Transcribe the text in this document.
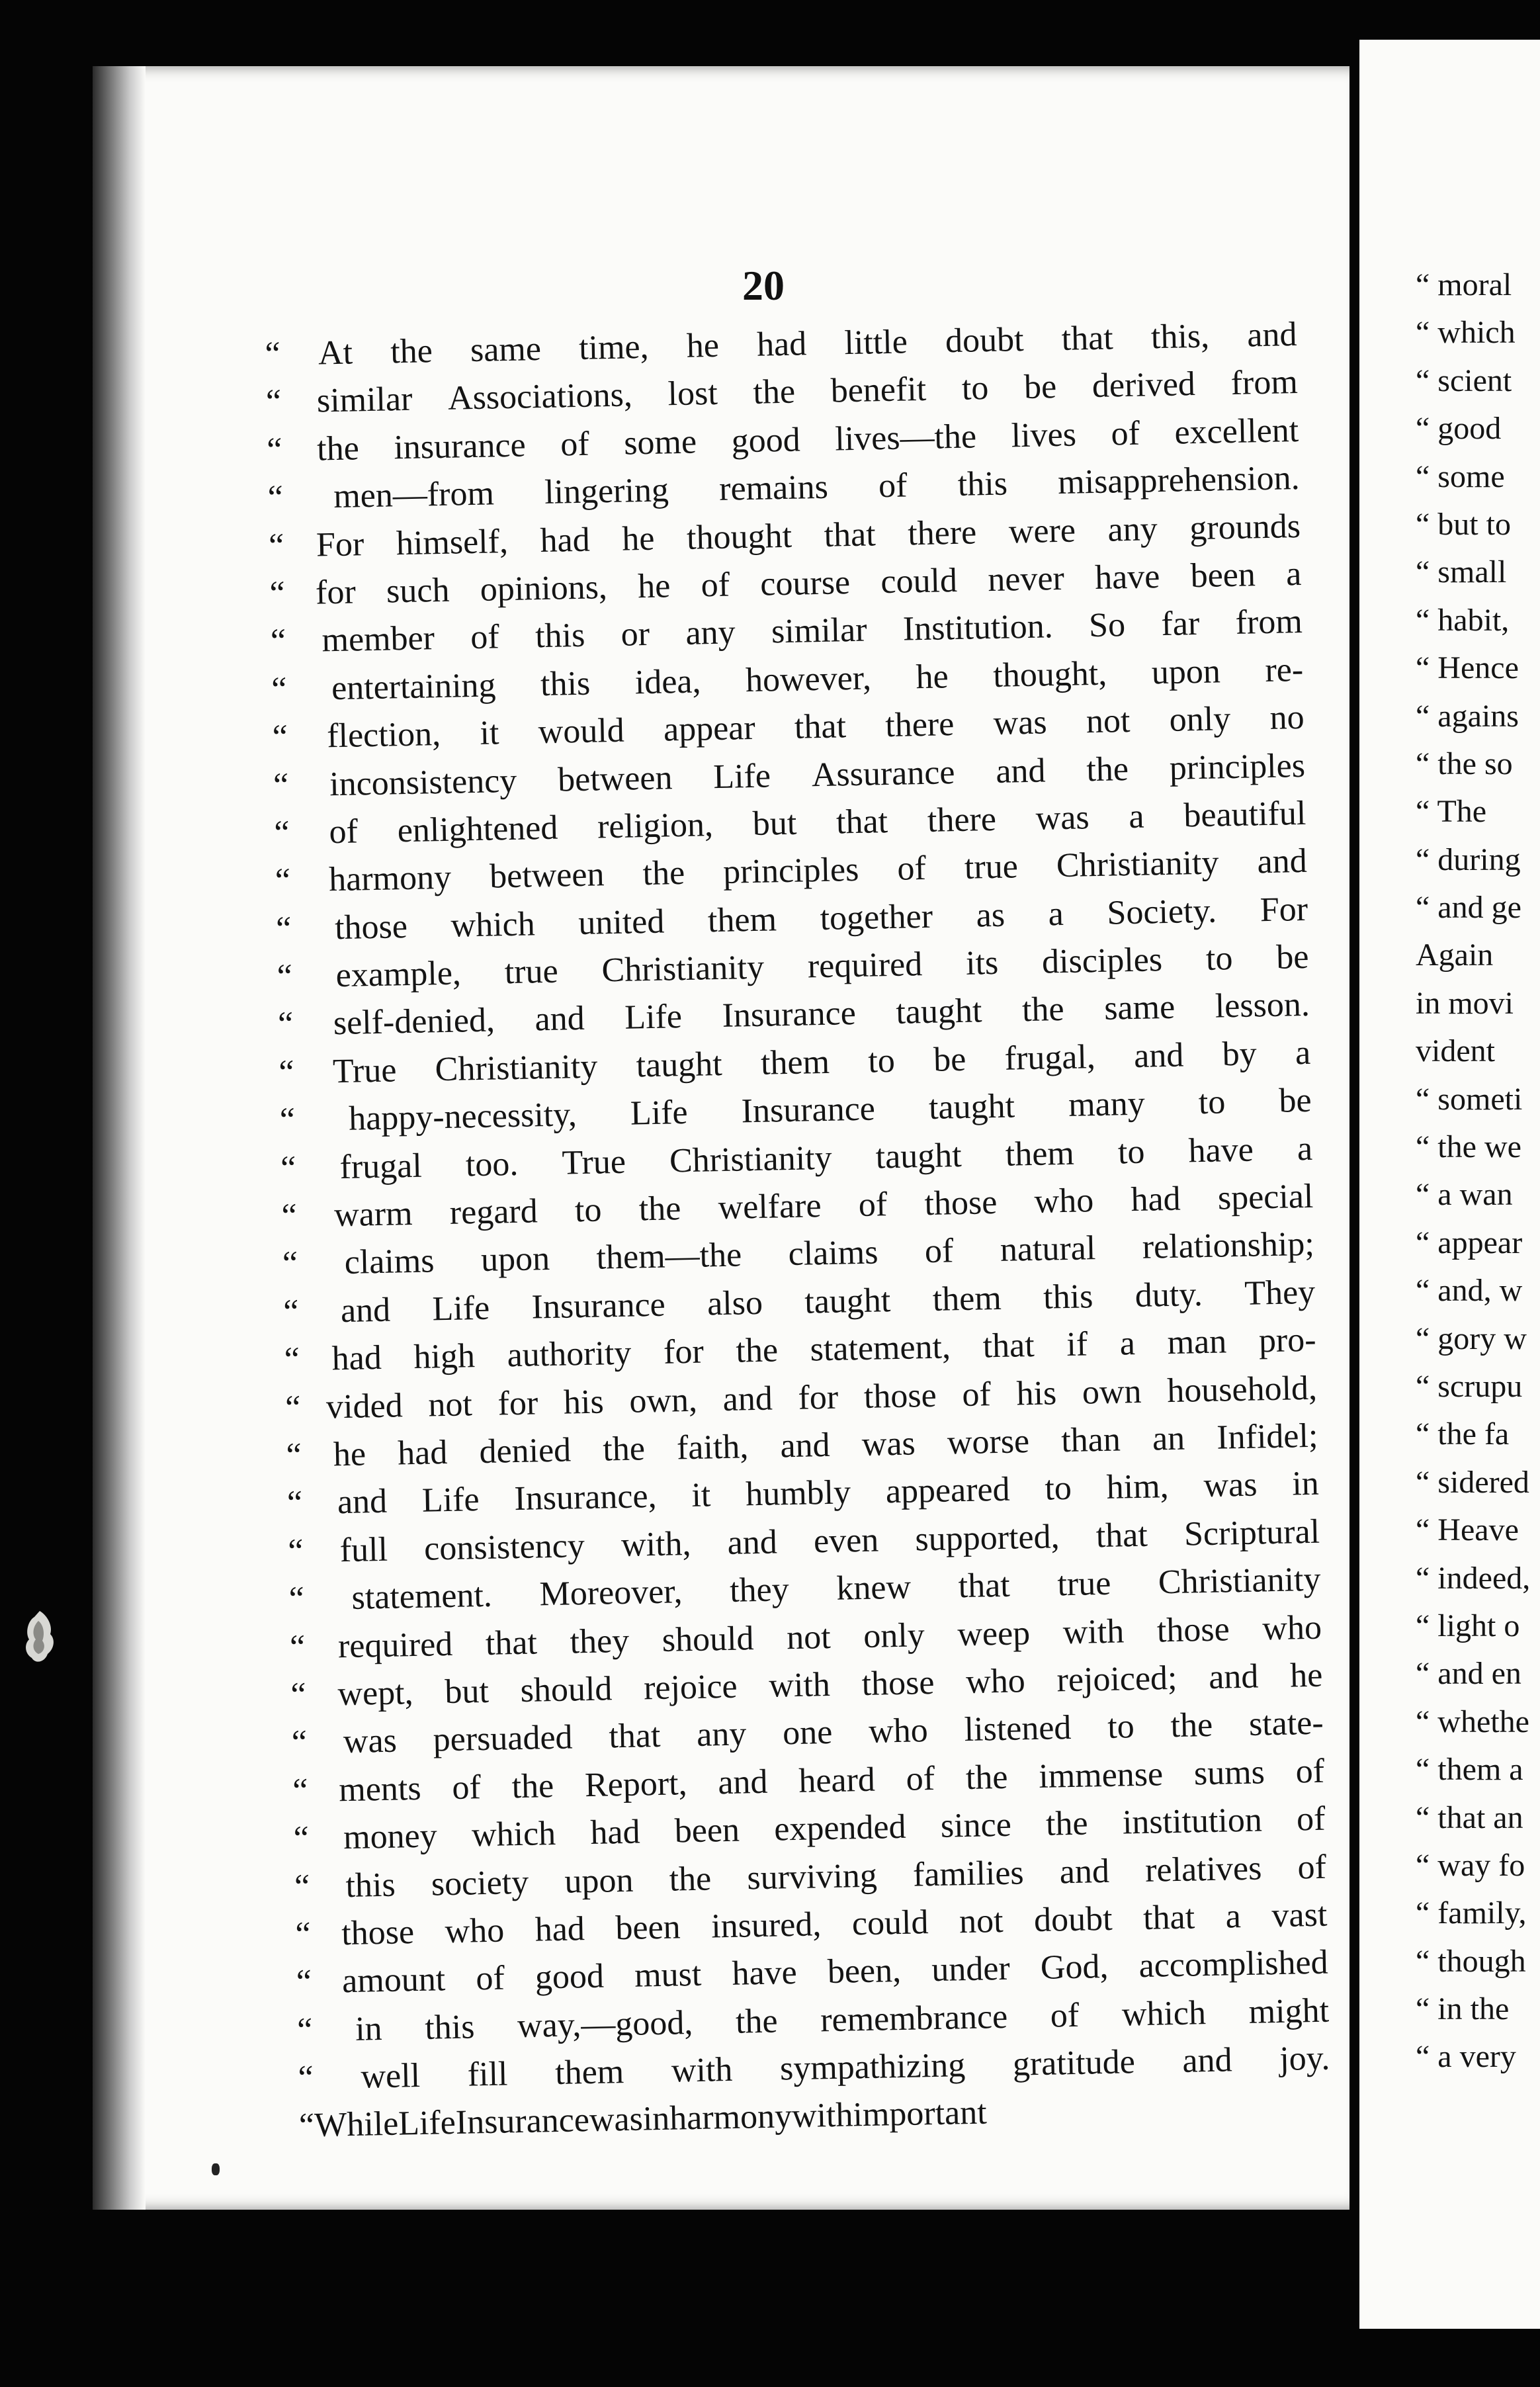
20
“ At the same time, he had little doubt that this, and
“ similar Associations, lost the benefit to be derived from
“ the insurance of some good lives—the lives of excellent
“ men—from lingering remains of this misapprehension.
“ For himself, had he thought that there were any grounds
“ for such opinions, he of course could never have been a
“ member of this or any similar Institution. So far from
“ entertaining this idea, however, he thought, upon re-
“ flection, it would appear that there was not only no
“ inconsistency between Life Assurance and the principles
“ of enlightened religion, but that there was a beautiful
“ harmony between the principles of true Christianity and
“ those which united them together as a Society. For
“ example, true Christianity required its disciples to be
“ self-denied, and Life Insurance taught the same lesson.
“ True Christianity taught them to be frugal, and by a
“ happy-necessity, Life Insurance taught many to be
“ frugal too. True Christianity taught them to have a
“ warm regard to the welfare of those who had special
“ claims upon them—the claims of natural relationship;
“ and Life Insurance also taught them this duty. They
“ had high authority for the statement, that if a man pro-
“ vided not for his own, and for those of his own household,
“ he had denied the faith, and was worse than an Infidel;
“ and Life Insurance, it humbly appeared to him, was in
“ full consistency with, and even supported, that Scriptural
“ statement. Moreover, they knew that true Christianity
“ required that they should not only weep with those who
“ wept, but should rejoice with those who rejoiced; and he
“ was persuaded that any one who listened to the state-
“ ments of the Report, and heard of the immense sums of
“ money which had been expended since the institution of
“ this society upon the surviving families and relatives of
“ those who had been insured, could not doubt that a vast
“ amount of good must have been, under God, accomplished
“ in this way,—good, the remembrance of which might
“ well fill them with sympathizing gratitude and joy.
“
While
Life
Insurance
was
in
harmony
with
important
“ moral
“ which
“ scient
“ good
“ some
“ but to
“ small
“ habit,
“ Hence
“ agains
“ the so
“ The
“ during
“ and ge
Again
in movi
vident
“ someti
“ the we
“ a wan
“ appear
“ and, w
“ gory w
“ scrupu
“ the fa
“ sidered
“ Heave
“ indeed,
“ light o
“ and en
“ whethe
“ them a
“ that an
“ way fo
“ family,
“ though
“ in the
“ a very
